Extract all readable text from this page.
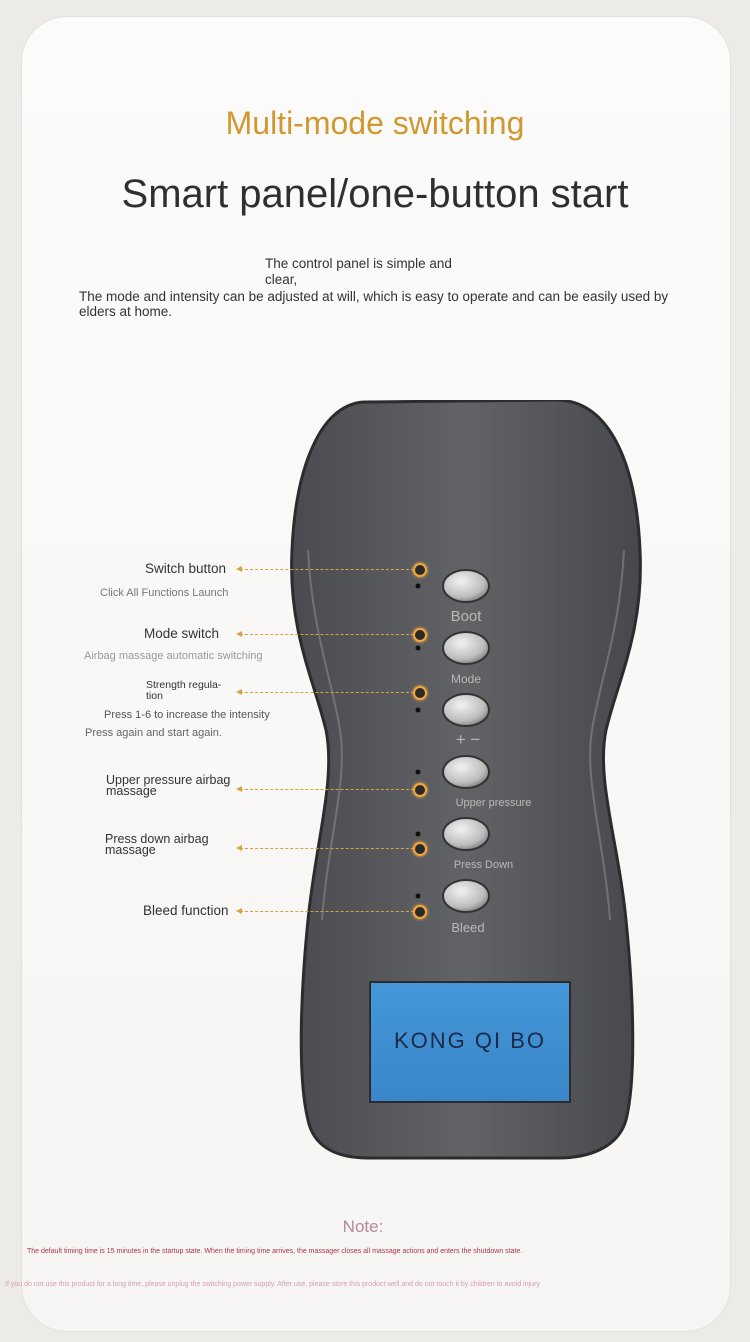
Multi-mode switching
Smart panel/one-button start
The control panel is simple and clear,
The mode and intensity can be adjusted at will, which is easy to operate and can be easily used by elders at home.
Boot
Mode
+ −
Upper pressure
Press Down
Bleed
KONG QI BO
Switch button
Click All Functions Launch
Mode switch
Airbag massage automatic switching
Strength regula-tion
Press 1-6 to increase the intensity
Press again and start again.
Upper pressure airbag massage
Press down airbag massage
Bleed function
Note:
The default timing time is 15 minutes in the startup state. When the timing time arrives, the massager closes all massage actions and enters the shutdown state.
If you do not use this product for a long time, please unplug the switching power supply. After use, please store this product well and do not touch it by children to avoid injury
